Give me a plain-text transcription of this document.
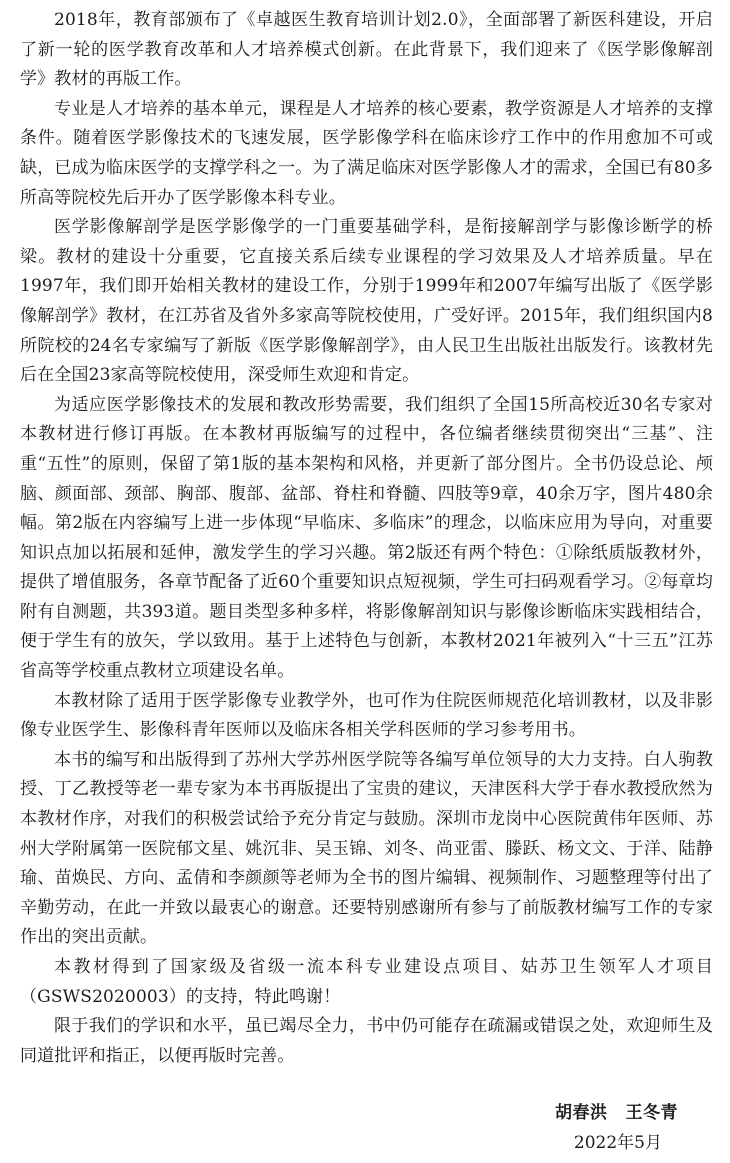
2018年，教育部颁布了《卓越医生教育培训计划2.0》，全面部署了新医科建设，开启了新一轮的医学教育改革和人才培养模式创新。在此背景下，我们迎来了《医学影像解剖学》教材的再版工作。

专业是人才培养的基本单元，课程是人才培养的核心要素，教学资源是人才培养的支撑条件。随着医学影像技术的飞速发展，医学影像学科在临床诊疗工作中的作用愈加不可或缺，已成为临床医学的支撑学科之一。为了满足临床对医学影像人才的需求，全国已有80多所高等院校先后开办了医学影像本科专业。

医学影像解剖学是医学影像学的一门重要基础学科，是衔接解剖学与影像诊断学的桥梁。教材的建设十分重要，它直接关系后续专业课程的学习效果及人才培养质量。早在1997年，我们即开始相关教材的建设工作，分别于1999年和2007年编写出版了《医学影像解剖学》教材，在江苏省及省外多家高等院校使用，广受好评。2015年，我们组织国内8所院校的24名专家编写了新版《医学影像解剖学》，由人民卫生出版社出版发行。该教材先后在全国23家高等院校使用，深受师生欢迎和肯定。

为适应医学影像技术的发展和教改形势需要，我们组织了全国15所高校近30名专家对本教材进行修订再版。在本教材再版编写的过程中，各位编者继续贯彻突出“三基”、注重“五性”的原则，保留了第1版的基本架构和风格，并更新了部分图片。全书仍设总论、颅脑、颜面部、颈部、胸部、腹部、盆部、脊柱和脊髓、四肢等9章，40余万字，图片480余幅。第2版在内容编写上进一步体现“早临床、多临床”的理念，以临床应用为导向，对重要知识点加以拓展和延伸，激发学生的学习兴趣。第2版还有两个特色：①除纸质版教材外，提供了增值服务，各章节配备了近60个重要知识点短视频，学生可扫码观看学习。②每章均附有自测题，共393道。题目类型多种多样，将影像解剖知识与影像诊断临床实践相结合，便于学生有的放矢，学以致用。基于上述特色与创新，本教材2021年被列入“十三五”江苏省高等学校重点教材立项建设名单。

本教材除了适用于医学影像专业教学外，也可作为住院医师规范化培训教材，以及非影像专业医学生、影像科青年医师以及临床各相关学科医师的学习参考用书。

本书的编写和出版得到了苏州大学苏州医学院等各编写单位领导的大力支持。白人驹教授、丁乙教授等老一辈专家为本书再版提出了宝贵的建议，天津医科大学于春水教授欣然为本教材作序，对我们的积极尝试给予充分肯定与鼓励。深圳市龙岗中心医院黄伟年医师、苏州大学附属第一医院郁文星、姚沉非、吴玉锦、刘冬、尚亚雷、滕跃、杨文文、于洋、陆静瑜、苗焕民、方向、孟倩和李颜颜等老师为全书的图片编辑、视频制作、习题整理等付出了辛勤劳动，在此一并致以最衷心的谢意。还要特别感谢所有参与了前版教材编写工作的专家作出的突出贡献。

本教材得到了国家级及省级一流本科专业建设点项目、姑苏卫生领军人才项目（GSWS2020003）的支持，特此鸣谢！

限于我们的学识和水平，虽已竭尽全力，书中仍可能存在疏漏或错误之处，欢迎师生及同道批评和指正，以便再版时完善。

胡春洪 王冬青
2022年5月
